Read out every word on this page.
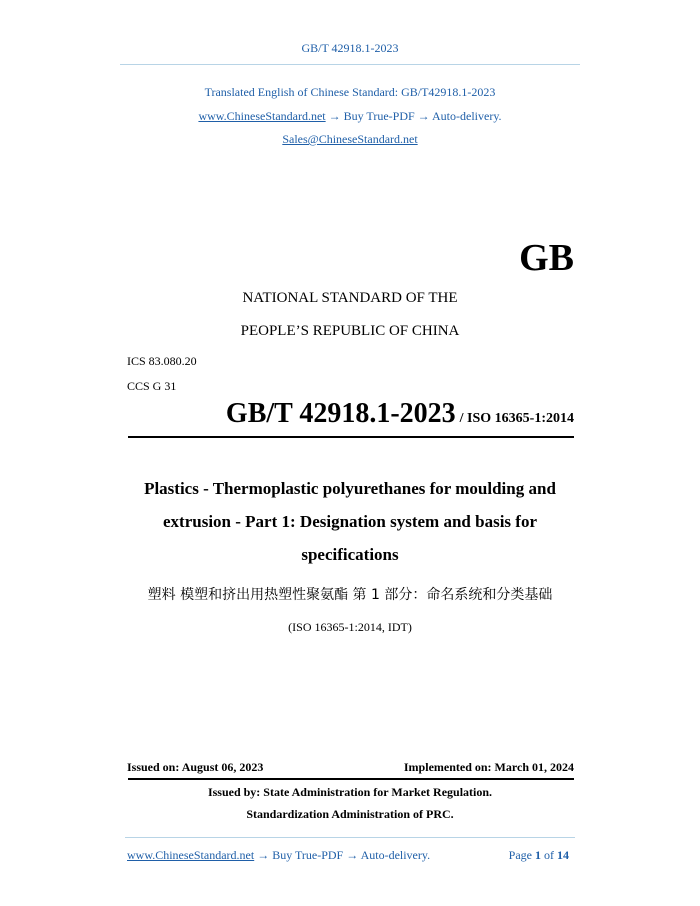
GB/T 42918.1-2023
Translated English of Chinese Standard: GB/T42918.1-2023
www.ChineseStandard.net → Buy True-PDF → Auto-delivery.
Sales@ChineseStandard.net
GB
NATIONAL STANDARD OF THE
PEOPLE’S REPUBLIC OF CHINA
ICS 83.080.20
CCS G 31
GB/T 42918.1-2023 / ISO 16365-1:2014
Plastics - Thermoplastic polyurethanes for moulding and
extrusion - Part 1: Designation system and basis for
specifications
塑料 模塑和挤出用热塑性聚氨酯 第 1 部分：命名系统和分类基础
(ISO 16365-1:2014, IDT)
Issued on: August 06, 2023	Implemented on: March 01, 2024
Issued by: State Administration for Market Regulation.
Standardization Administration of PRC.
www.ChineseStandard.net → Buy True-PDF → Auto-delivery.	Page 1 of 14
